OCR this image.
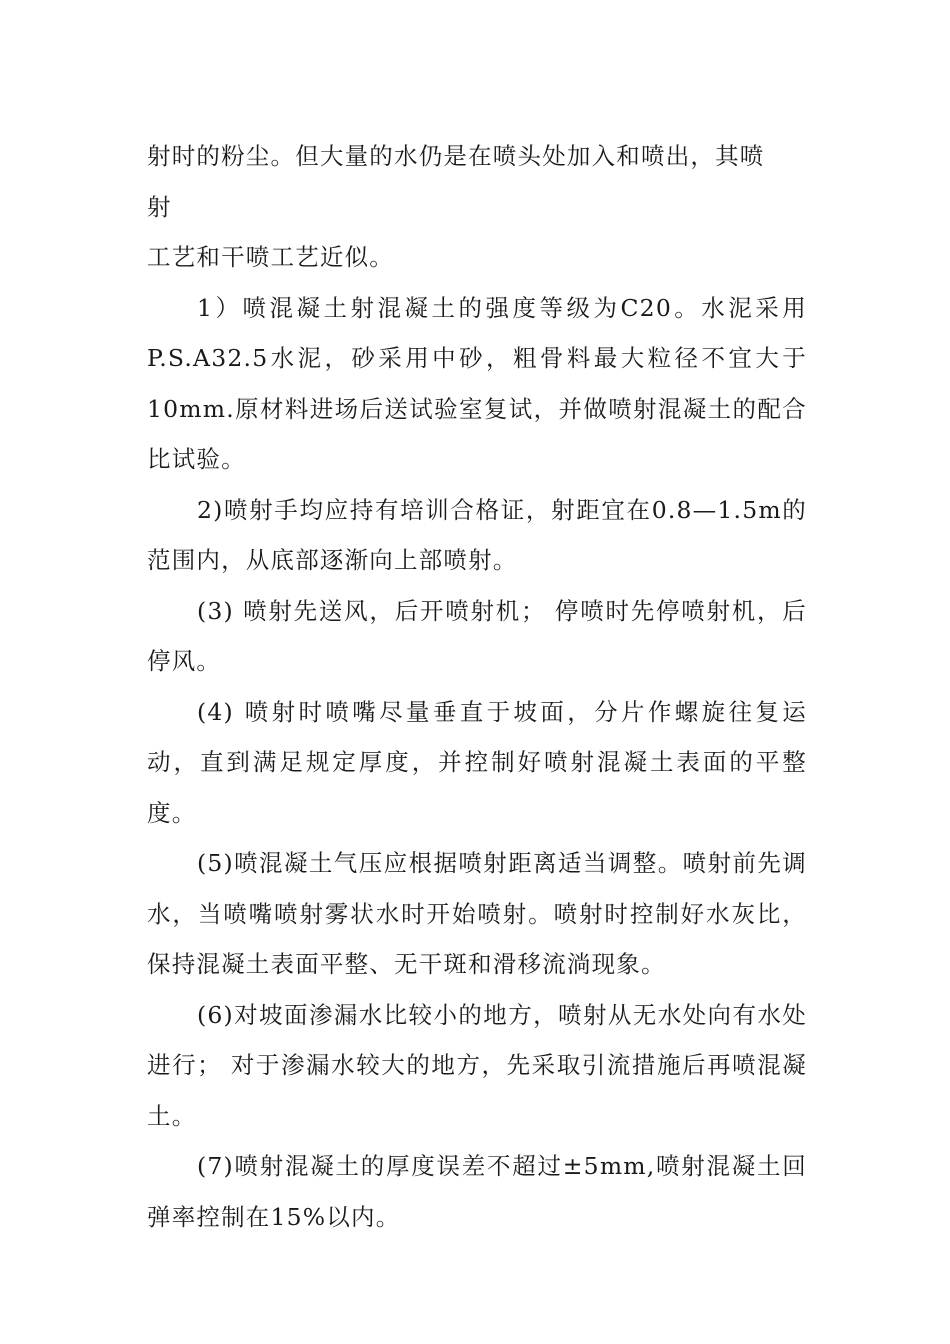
射时的粉尘。但大量的水仍是在喷头处加入和喷出，其喷

射

工艺和干喷工艺近似。

1）喷混凝土射混凝土的强度等级为C20。水泥采用P.S.A32.5水泥，砂采用中砂，粗骨料最大粒径不宜大于10mm.原材料进场后送试验室复试，并做喷射混凝土的配合比试验。

2)喷射手均应持有培训合格证，射距宜在0.8—1.5m的范围内，从底部逐渐向上部喷射。

(3) 喷射先送风，后开喷射机； 停喷时先停喷射机，后停风。

(4) 喷射时喷嘴尽量垂直于坡面，分片作螺旋往复运动，直到满足规定厚度，并控制好喷射混凝土表面的平整度。

(5)喷混凝土气压应根据喷射距离适当调整。喷射前先调水，当喷嘴喷射雾状水时开始喷射。喷射时控制好水灰比，保持混凝土表面平整、无干斑和滑移流淌现象。

(6)对坡面渗漏水比较小的地方，喷射从无水处向有水处进行； 对于渗漏水较大的地方，先采取引流措施后再喷混凝土。

(7)喷射混凝土的厚度误差不超过±5mm,喷射混凝土回弹率控制在15%以内。
